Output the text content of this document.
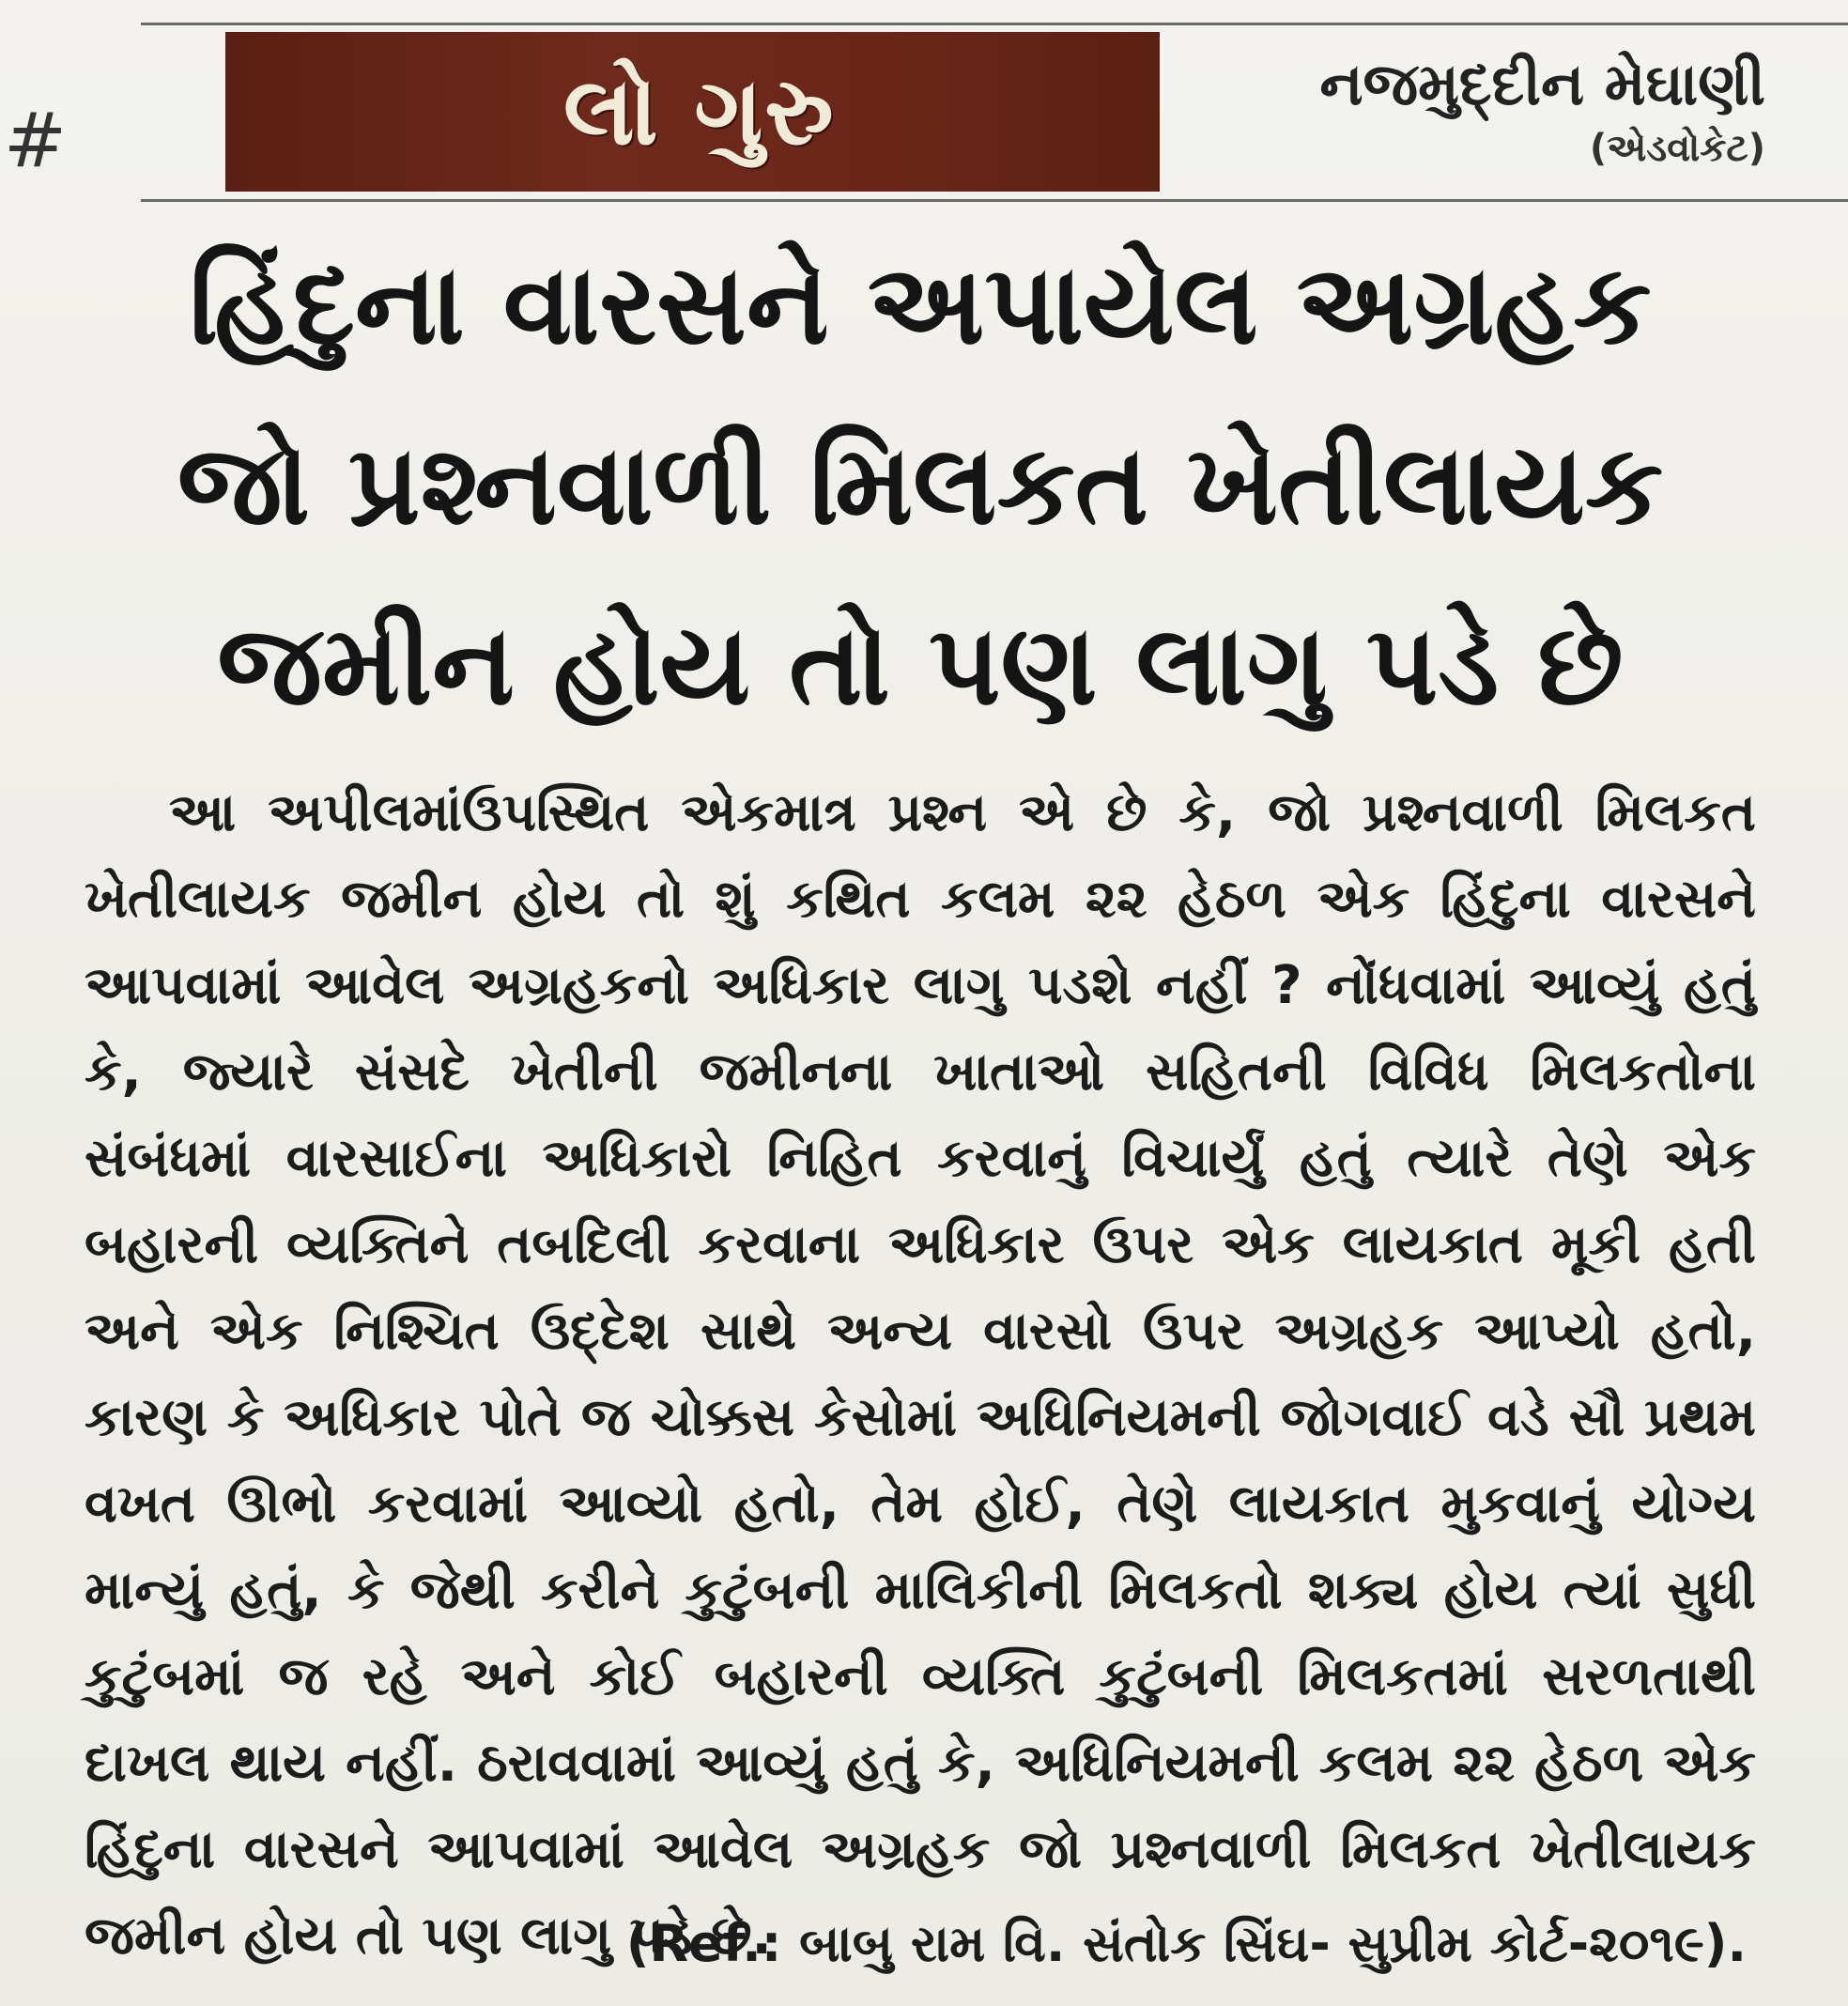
#	લો ગુરુ	નજમુદ્દીન મેઘાણી
(એડવોકેટ)
હિંદુના વારસને અપાયેલ અગ્રહક જો પ્રશ્નવાળી મિલકત ખેતીલાયક જમીન હોય તો પણ લાગુ પડે છે

આ અપીલમાંઉપસ્થિત એકમાત્ર પ્રશ્ન એ છે કે, જો પ્રશ્નવાળી મિલકત ખેતીલાયક જમીન હોય તો શું કથિત કલમ ૨૨ હેઠળ એક હિંદુના વારસને આપવામાં આવેલ અગ્રહકનો અધિકાર લાગુ પડશે નહીં ? નોંધવામાં આવ્યું હતું કે, જ્યારે સંસદે ખેતીની જમીનના ખાતાઓ સહિતની વિવિધ મિલકતોના સંબંધમાં વારસાઈના અધિકારો નિહિત કરવાનું વિચાર્યું હતું ત્યારે તેણે એક બહારની વ્યક્તિને તબદિલી કરવાના અધિકાર ઉપર એક લાયકાત મૂકી હતી અને એક નિશ્ચિત ઉદ્દેશ સાથે અન્ય વારસો ઉપર અગ્રહક આપ્યો હતો, કારણ કે અધિકાર પોતે જ ચોક્કસ કેસોમાં અધિનિયમની જોગવાઈ વડે સૌ પ્રથમ વખત ઊભો કરવામાં આવ્યો હતો, તેમ હોઈ, તેણે લાયકાત મુકવાનું યોગ્ય માન્યું હતું, કે જેથી કરીને કુટુંબની માલિકીની મિલકતો શક્ય હોય ત્યાં સુધી કુટુંબમાં જ રહે અને કોઈ બહારની વ્યક્તિ કુટુંબની મિલકતમાં સરળતાથી દાખલ થાય નહીં. ઠરાવવામાં આવ્યું હતું કે, અધિનિયમની કલમ ૨૨ હેઠળ એક હિંદુના વારસને આપવામાં આવેલ અગ્રહક જો પ્રશ્નવાળી મિલકત ખેતીલાયક જમીન હોય તો પણ લાગુ પડે છે.

(Ref.: બાબુ રામ વિ. સંતોક સિંઘ- સુપ્રીમ કોર્ટ-૨૦૧૯).
